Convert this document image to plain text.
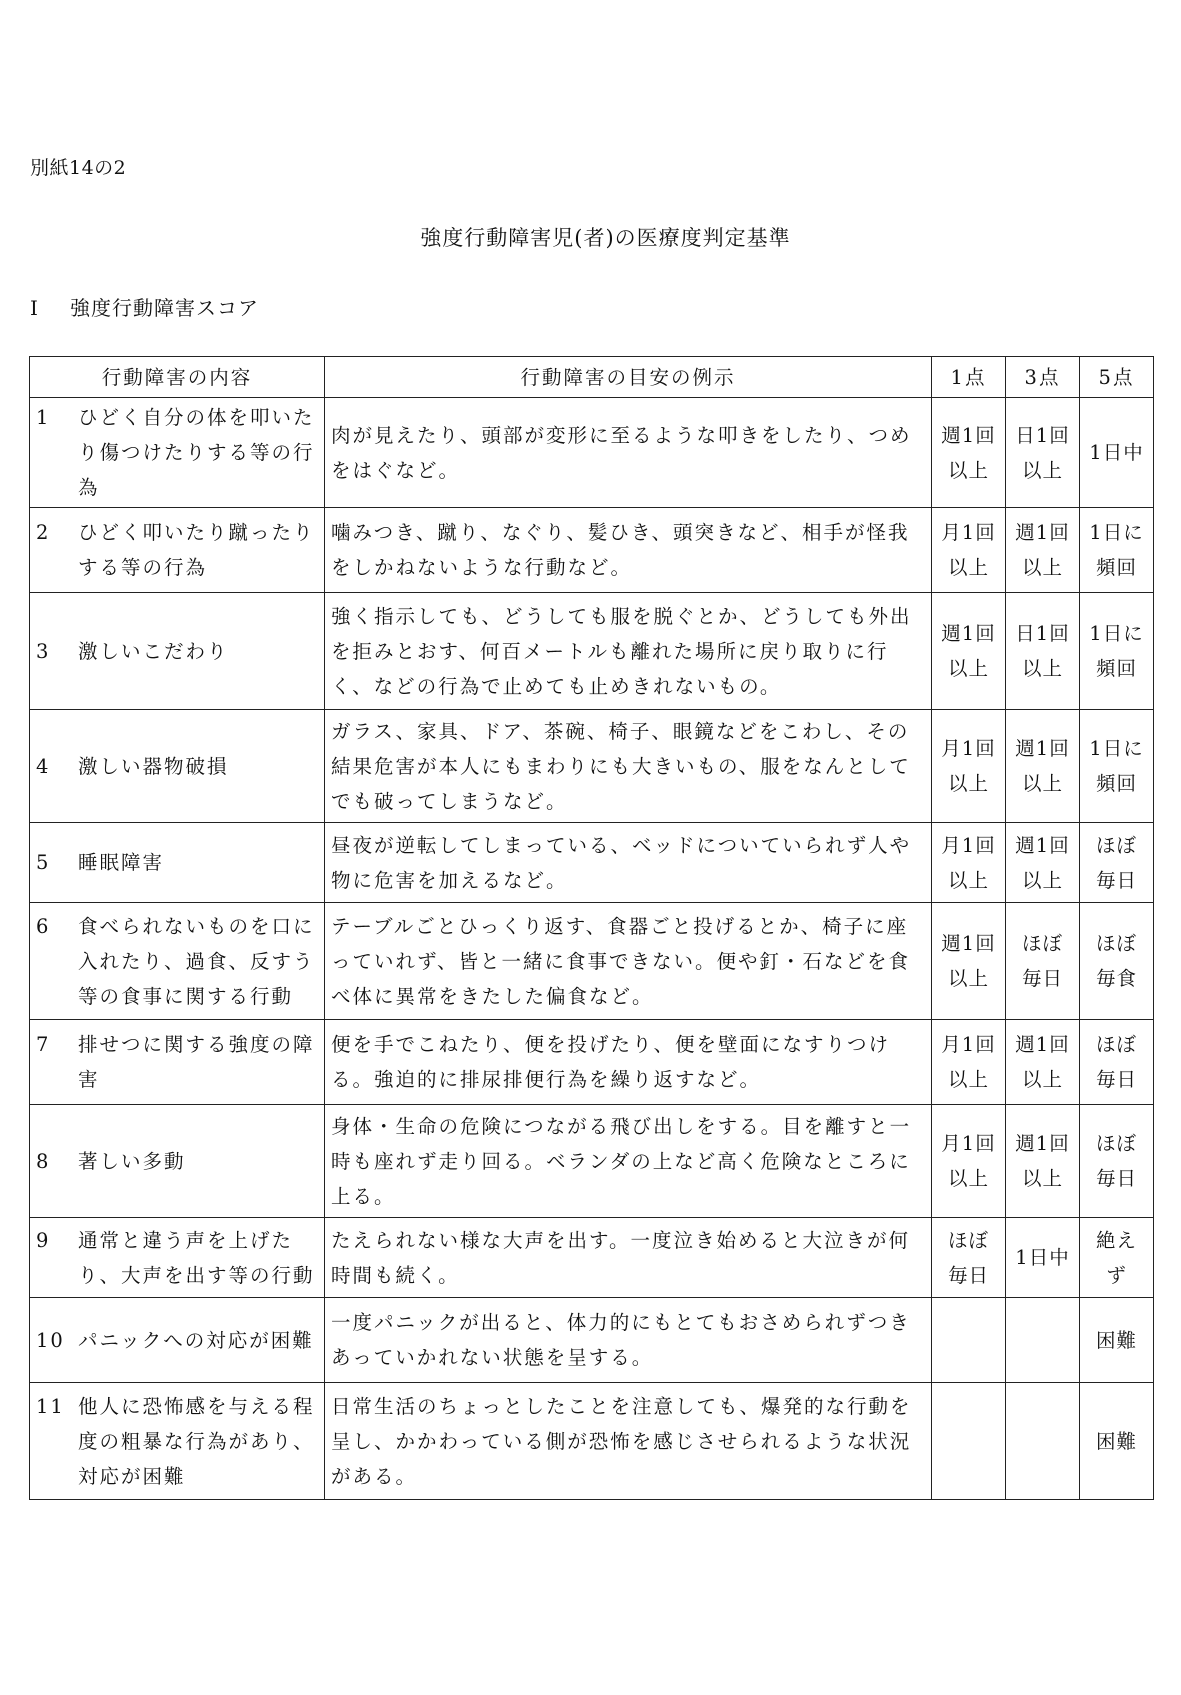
別紙14の2
強度行動障害児(者)の医療度判定基準
Ⅰ 強度行動障害スコア
行動障害の内容	行動障害の目安の例示	1点	3点	5点

1 ひどく自分の体を叩いたり傷つけたりする等の行為	肉が見えたり、頭部が変形に至るような叩きをしたり、つめをはぐなど。	週1回以上	日1回以上	1日中

2 ひどく叩いたり蹴ったりする等の行為	噛みつき、蹴り、なぐり、髪ひき、頭突きなど、相手が怪我をしかねないような行動など。	月1回以上	週1回以上	1日に頻回

3 激しいこだわり	強く指示しても、どうしても服を脱ぐとか、どうしても外出を拒みとおす、何百メートルも離れた場所に戻り取りに行く、などの行為で止めても止めきれないもの。	週1回以上	日1回以上	1日に頻回

4 激しい器物破損	ガラス、家具、ドア、茶碗、椅子、眼鏡などをこわし、その結果危害が本人にもまわりにも大きいもの、服をなんとしてでも破ってしまうなど。	月1回以上	週1回以上	1日に頻回

5 睡眠障害	昼夜が逆転してしまっている、ベッドについていられず人や物に危害を加えるなど。	月1回以上	週1回以上	ほぼ毎日

6 食べられないものを口に入れたり、過食、反すう等の食事に関する行動	テーブルごとひっくり返す、食器ごと投げるとか、椅子に座っていれず、皆と一緒に食事できない。便や釘・石などを食べ体に異常をきたした偏食など。	週1回以上	ほぼ毎日	ほぼ毎食

7 排せつに関する強度の障害	便を手でこねたり、便を投げたり、便を壁面になすりつける。強迫的に排尿排便行為を繰り返すなど。	月1回以上	週1回以上	ほぼ毎日

8 著しい多動	身体・生命の危険につながる飛び出しをする。目を離すと一時も座れず走り回る。ベランダの上など高く危険なところに上る。	月1回以上	週1回以上	ほぼ毎日

9 通常と違う声を上げたり、大声を出す等の行動	たえられない様な大声を出す。一度泣き始めると大泣きが何時間も続く。	ほぼ毎日	1日中	絶えず

10 パニックへの対応が困難	一度パニックが出ると、体力的にもとてもおさめられずつきあっていかれない状態を呈する。			困難

11 他人に恐怖感を与える程度の粗暴な行為があり、対応が困難	日常生活のちょっとしたことを注意しても、爆発的な行動を呈し、かかわっている側が恐怖を感じさせられるような状況がある。			困難
